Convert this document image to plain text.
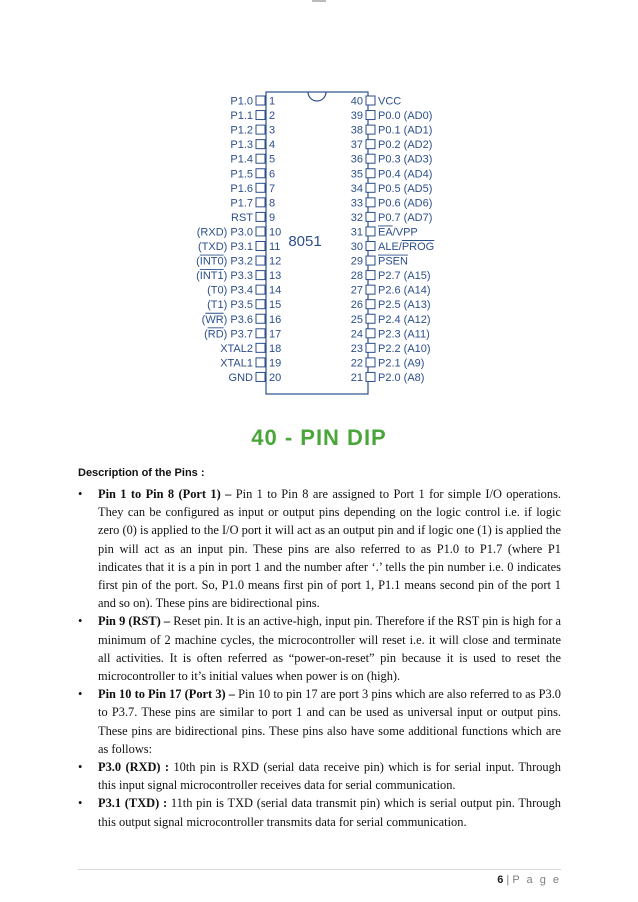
8051
P1.0 1
P1.1 2
P1.2 3
P1.3 4
P1.4 5
P1.5 6
P1.6 7
P1.7 8
RST 9
(RXD) P3.0 10
(TXD) P3.1 11
(INT0) P3.2 12
(INT1) P3.3 13
(T0) P3.4 14
(T1) P3.5 15
(WR) P3.6 16
(RD) P3.7 17
XTAL2 18
XTAL1 19
GND 20
40 VCC
39 P0.0 (AD0)
38 P0.1 (AD1)
37 P0.2 (AD2)
36 P0.3 (AD3)
35 P0.4 (AD4)
34 P0.5 (AD5)
33 P0.6 (AD6)
32 P0.7 (AD7)
31 EA/VPP
30 ALE/PROG
29 PSEN
28 P2.7 (A15)
27 P2.6 (A14)
26 P2.5 (A13)
25 P2.4 (A12)
24 P2.3 (A11)
23 P2.2 (A10)
22 P2.1 (A9)
21 P2.0 (A8)
40 - PIN DIP
Description of the Pins :
• Pin 1 to Pin 8 (Port 1) – Pin 1 to Pin 8 are assigned to Port 1 for simple I/O operations. They can be configured as input or output pins depending on the logic control i.e. if logic zero (0) is applied to the I/O port it will act as an output pin and if logic one (1) is applied the pin will act as an input pin. These pins are also referred to as P1.0 to P1.7 (where P1 indicates that it is a pin in port 1 and the number after ‘.’ tells the pin number i.e. 0 indicates first pin of the port. So, P1.0 means first pin of port 1, P1.1 means second pin of the port 1 and so on). These pins are bidirectional pins.
• Pin 9 (RST) – Reset pin. It is an active-high, input pin. Therefore if the RST pin is high for a minimum of 2 machine cycles, the microcontroller will reset i.e. it will close and terminate all activities. It is often referred as “power-on-reset” pin because it is used to reset the microcontroller to it’s initial values when power is on (high).
• Pin 10 to Pin 17 (Port 3) – Pin 10 to pin 17 are port 3 pins which are also referred to as P3.0 to P3.7. These pins are similar to port 1 and can be used as universal input or output pins. These pins are bidirectional pins. These pins also have some additional functions which are as follows:
• P3.0 (RXD) : 10th pin is RXD (serial data receive pin) which is for serial input. Through this input signal microcontroller receives data for serial communication.
• P3.1 (TXD) : 11th pin is TXD (serial data transmit pin) which is serial output pin. Through this output signal microcontroller transmits data for serial communication.
6 | P a g e
